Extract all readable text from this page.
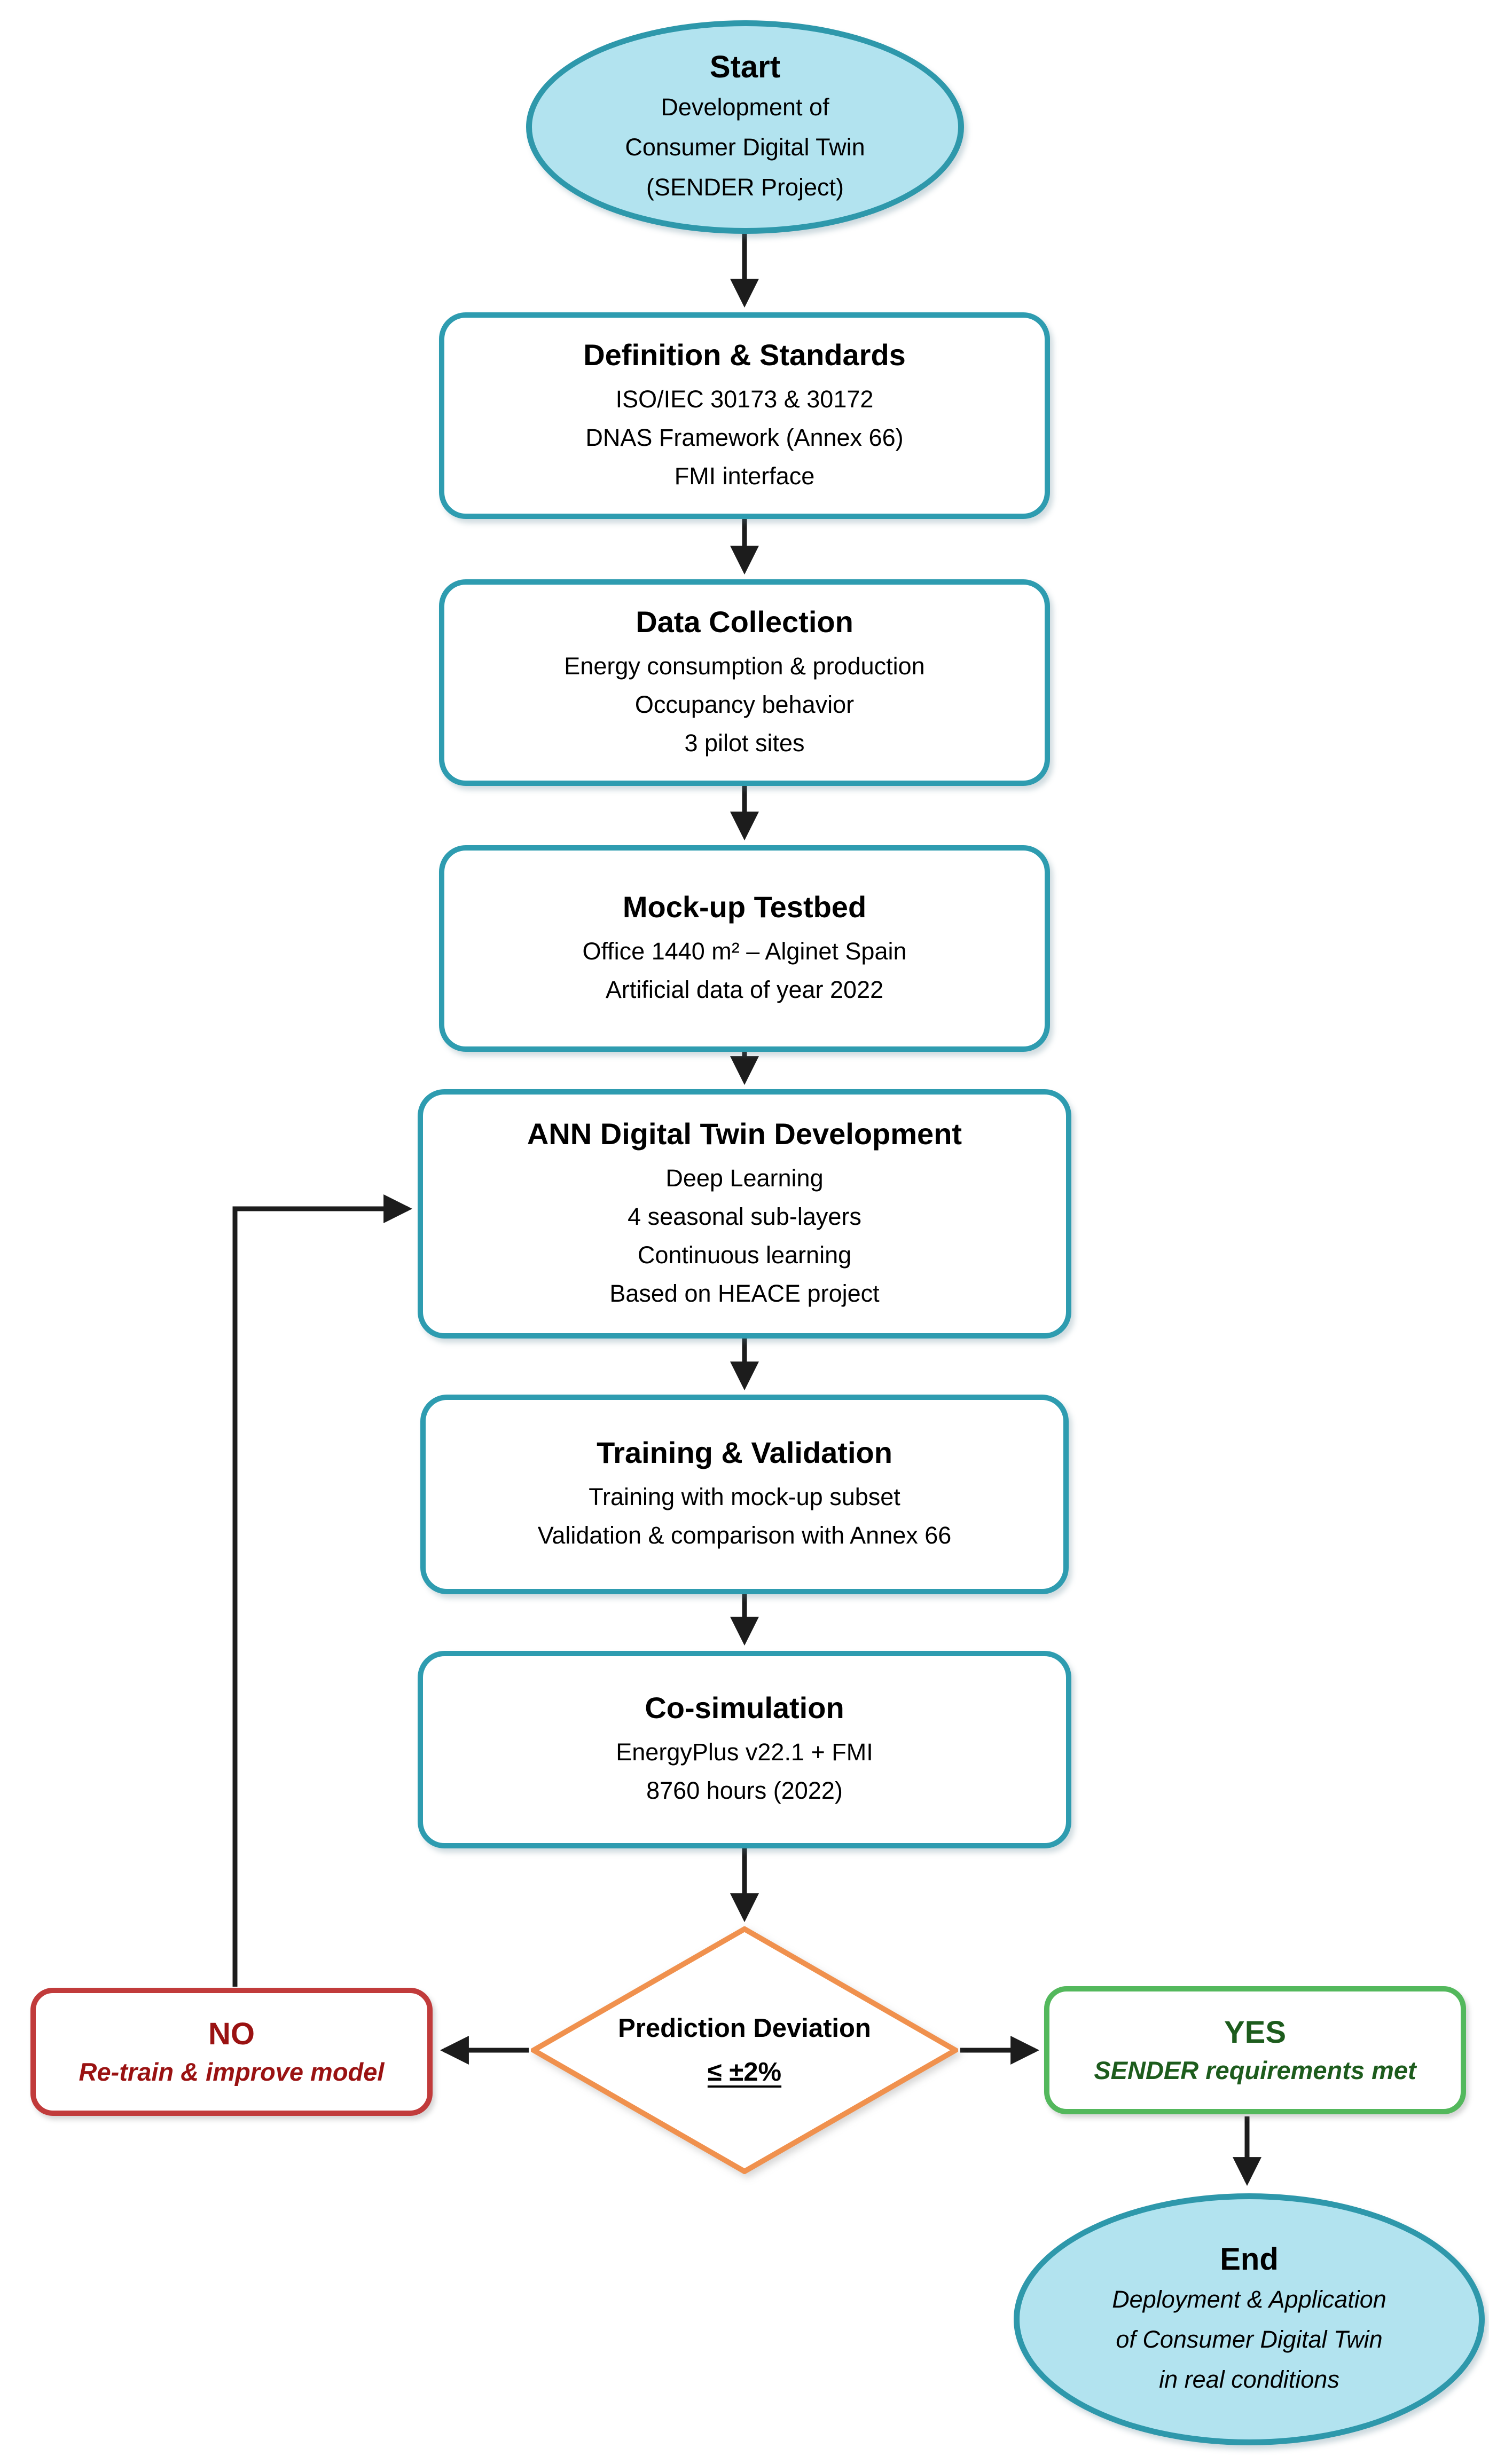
Start
Development of
Consumer Digital Twin
(SENDER Project)
Definition & Standards
ISO/IEC 30173 & 30172
DNAS Framework (Annex 66)
FMI interface
Data Collection
Energy consumption & production
Occupancy behavior
3 pilot sites
Mock-up Testbed
Office 1440 m² – Alginet Spain
Artificial data of year 2022
ANN Digital Twin Development
Deep Learning
4 seasonal sub-layers
Continuous learning
Based on HEACE project
Training & Validation
Training with mock-up subset
Validation & comparison with Annex 66
Co-simulation
EnergyPlus v22.1 + FMI
8760 hours (2022)
Prediction Deviation
≤ ±2%
NO
Re-train & improve model
YES
SENDER requirements met
End
Deployment & Application
of Consumer Digital Twin
in real conditions
